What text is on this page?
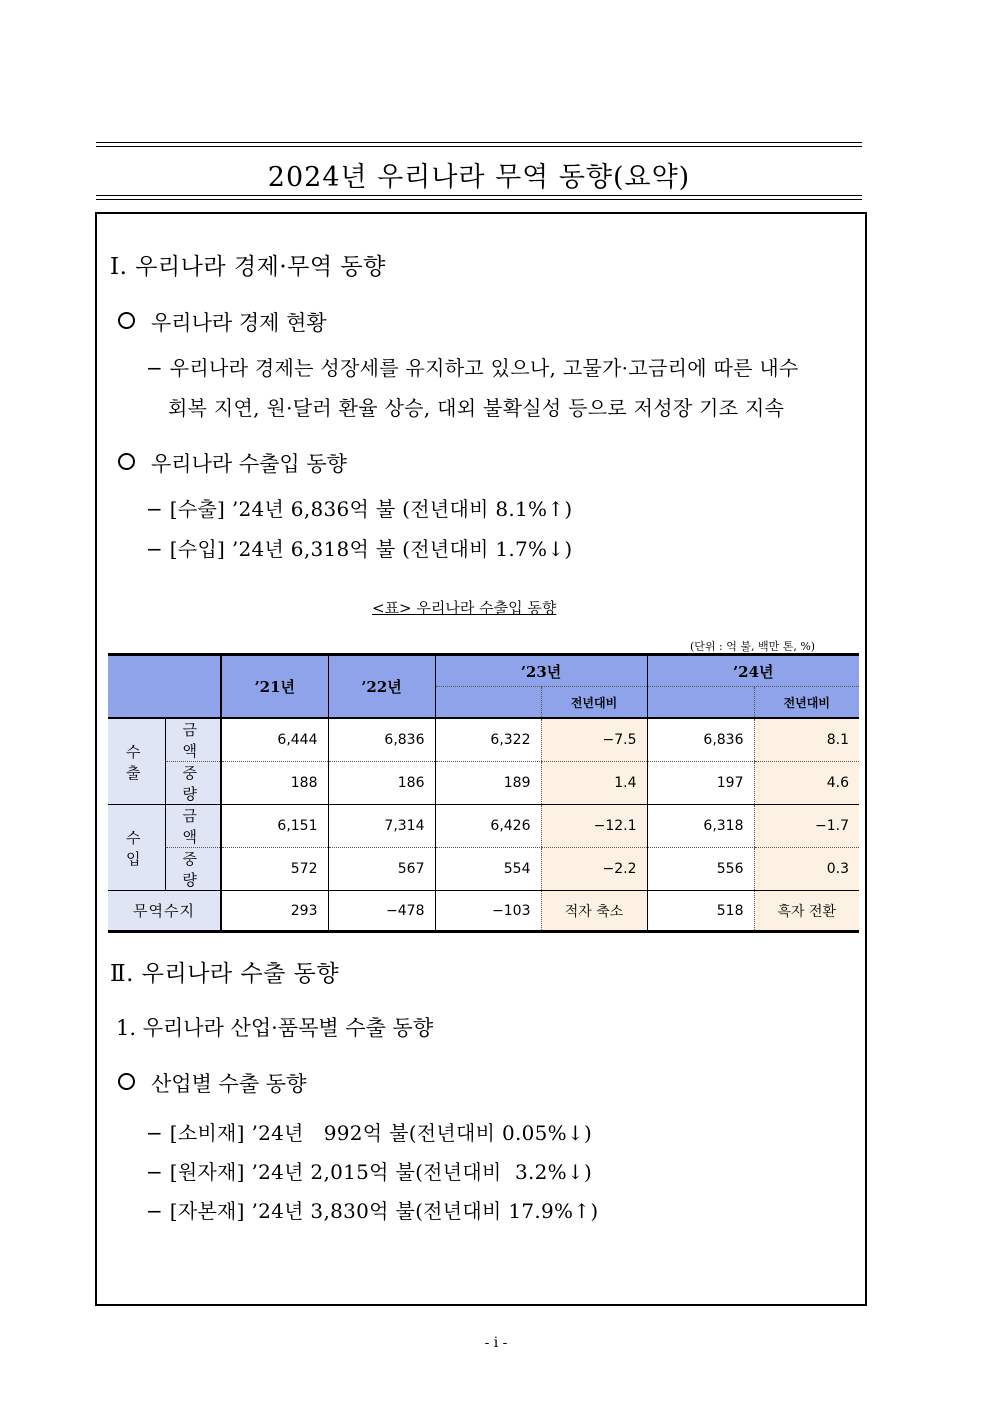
2024년 우리나라 무역 동향(요약)
Ⅰ. 우리나라 경제·무역 동향
우리나라 경제 현황
− 우리나라 경제는 성장세를 유지하고 있으나, 고물가·고금리에 따른 내수
회복 지연, 원·달러 환율 상승, 대외 불확실성 등으로 저성장 기조 지속
우리나라 수출입 동향
− [수출] ’24년 6,836억 불 (전년대비 8.1%↑)
− [수입] ’24년 6,318억 불 (전년대비 1.7%↓)
<표> 우리나라 수출입 동향
(단위 : 억 불, 백만 톤, %)
		’21년	’22년	’23년		’24년	
					전년대비		전년대비
수 출	금 액	6,444	6,836	6,322	−7.5	6,836	8.1
	중 량	188	186	189	1.4	197	4.6
수 입	금 액	6,151	7,314	6,426	−12.1	6,318	−1.7
	중 량	572	567	554	−2.2	556	0.3
무역수지		293	−478	−103	적자 축소	518	흑자 전환
Ⅱ. 우리나라 수출 동향
1. 우리나라 산업·품목별 수출 동향
산업별 수출 동향
− [소비재] ’24년   992억 불(전년대비 0.05%↓)
− [원자재] ’24년 2,015억 불(전년대비  3.2%↓)
− [자본재] ’24년 3,830억 불(전년대비 17.9%↑)
- i -
